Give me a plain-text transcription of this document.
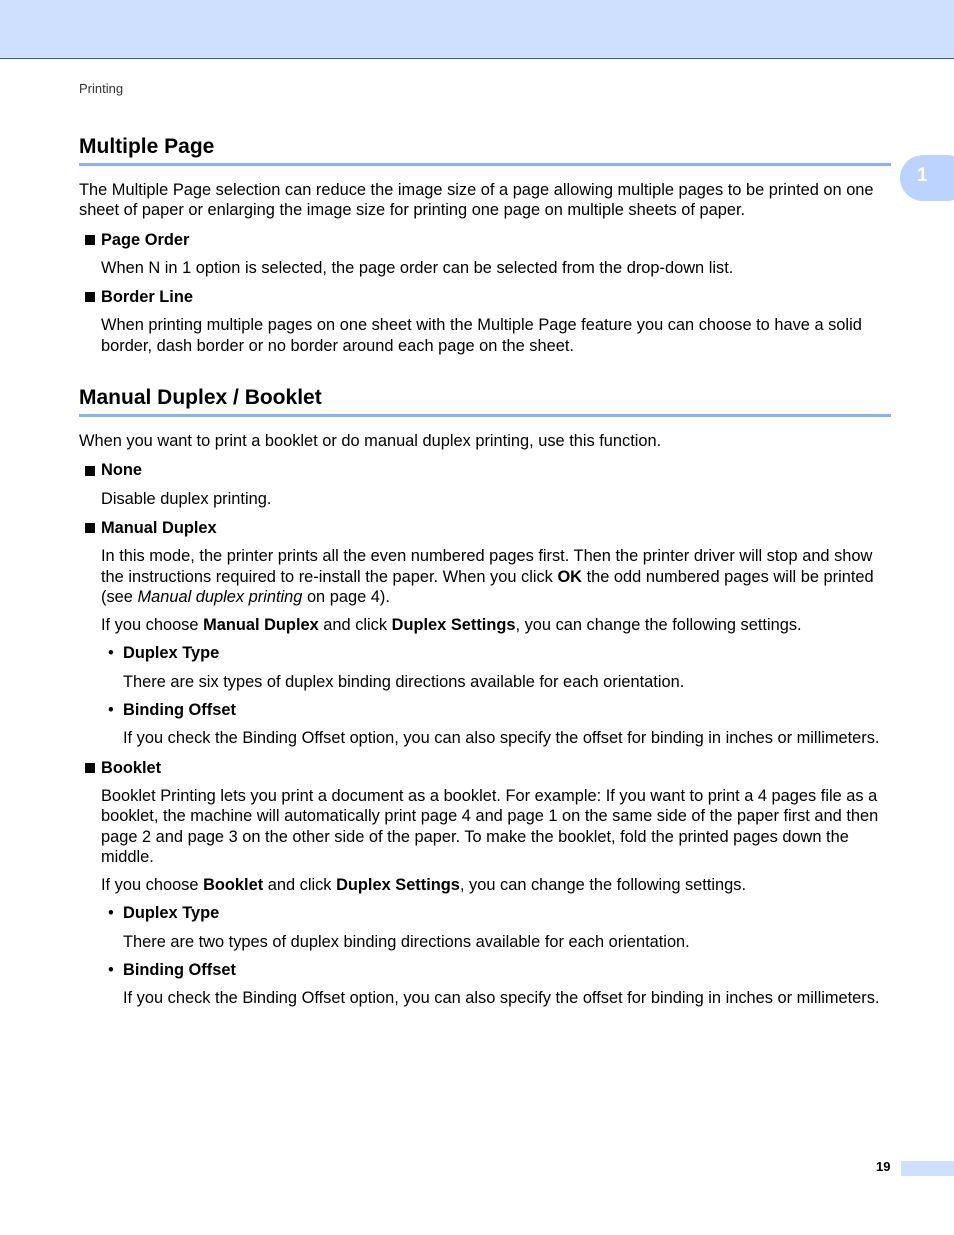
Printing
1
Multiple Page

The Multiple Page selection can reduce the image size of a page allowing multiple pages to be printed on one sheet of paper or enlarging the image size for printing one page on multiple sheets of paper.

Page Order

When N in 1 option is selected, the page order can be selected from the drop-down list.

Border Line

When printing multiple pages on one sheet with the Multiple Page feature you can choose to have a solid border, dash border or no border around each page on the sheet.

Manual Duplex / Booklet

When you want to print a booklet or do manual duplex printing, use this function.

None

Disable duplex printing.

Manual Duplex

In this mode, the printer prints all the even numbered pages first. Then the printer driver will stop and show the instructions required to re-install the paper. When you click OK the odd numbered pages will be printed (see Manual duplex printing on page 4).

If you choose Manual Duplex and click Duplex Settings, you can change the following settings.

• Duplex Type

There are six types of duplex binding directions available for each orientation.

• Binding Offset

If you check the Binding Offset option, you can also specify the offset for binding in inches or millimeters.

Booklet

Booklet Printing lets you print a document as a booklet. For example: If you want to print a 4 pages file as a booklet, the machine will automatically print page 4 and page 1 on the same side of the paper first and then page 2 and page 3 on the other side of the paper. To make the booklet, fold the printed pages down the middle.

If you choose Booklet and click Duplex Settings, you can change the following settings.

• Duplex Type

There are two types of duplex binding directions available for each orientation.

• Binding Offset

If you check the Binding Offset option, you can also specify the offset for binding in inches or millimeters.

19
